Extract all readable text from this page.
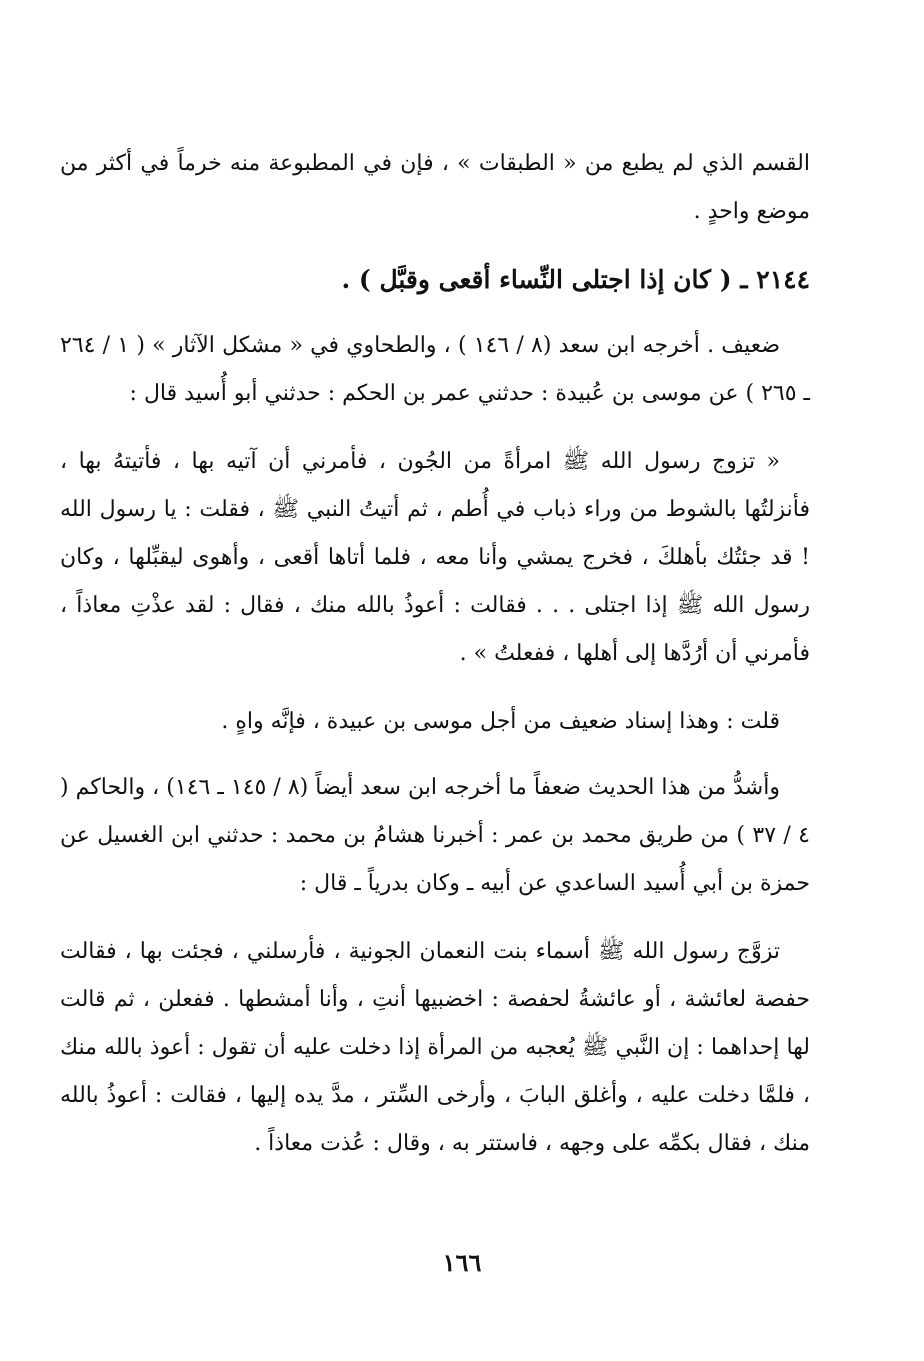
القسم الذي لم يطبع من « الطبقات » ، فإن في المطبوعة منه خرماً في أكثر من موضع واحدٍ .

٢١٤٤ ـ ( كان إذا اجتلى النِّساء أقعى وقبَّل ) .

ضعيف . أخرجه ابن سعد (٨ / ١٤٦ ) ، والطحاوي في « مشكل الآثار » ( ١ / ٢٦٤ ـ ٢٦٥ ) عن موسى بن عُبيدة : حدثني عمر بن الحكم : حدثني أبو أُسيد قال :

« تزوج رسول الله ﷺ امرأةً من الجُون ، فأمرني أن آتيه بها ، فأتيتهُ بها ، فأنزلتُها بالشوط من وراء ذباب في أُطم ، ثم أتيتُ النبي ﷺ ، فقلت : يا رسول الله ! قد جئتُك بأهلكَ ، فخرج يمشي وأنا معه ، فلما أتاها أقعى ، وأهوى ليقبِّلها ، وكان رسول الله ﷺ إذا اجتلى . . . فقالت : أعوذُ بالله منك ، فقال : لقد عذْتِ معاذاً ، فأمرني أن أرُدَّها إلى أهلها ، ففعلتُ » .

قلت : وهذا إسناد ضعيف من أجل موسى بن عبيدة ، فإنَّه واهٍ .

وأشدُّ من هذا الحديث ضعفاً ما أخرجه ابن سعد أيضاً (٨ / ١٤٥ ـ ١٤٦) ، والحاكم ( ٤ / ٣٧ ) من طريق محمد بن عمر : أخبرنا هشامُ بن محمد : حدثني ابن الغسيل عن حمزة بن أبي أُسيد الساعدي عن أبيه ـ وكان بدرياً ـ قال :

تزوَّج رسول الله ﷺ أسماء بنت النعمان الجونية ، فأرسلني ، فجئت بها ، فقالت حفصة لعائشة ، أو عائشةُ لحفصة : اخضبيها أنتِ ، وأنا أمشطها . ففعلن ، ثم قالت لها إحداهما : إن النَّبي ﷺ يُعجبه من المرأة إذا دخلت عليه أن تقول : أعوذ بالله منك ، فلمَّا دخلت عليه ، وأغلق البابَ ، وأرخى السِّتر ، مدَّ يده إليها ، فقالت : أعوذُ بالله منك ، فقال بكمِّه على وجهه ، فاستتر به ، وقال : عُذت معاذاً .

١٦٦
